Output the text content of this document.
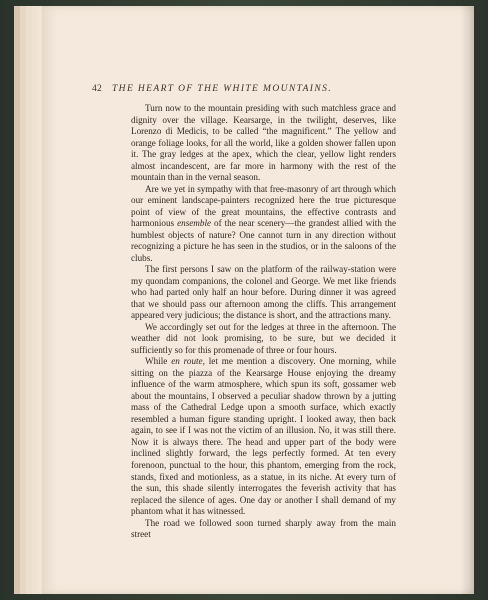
42 THE HEART OF THE WHITE MOUNTAINS.

Turn now to the mountain presiding with such matchless grace and dignity over the village. Kearsarge, in the twilight, deserves, like Lorenzo di Medicis, to be called “the magnificent.” The yellow and orange foliage looks, for all the world, like a golden shower fallen upon it. The gray ledges at the apex, which the clear, yellow light renders almost incandescent, are far more in harmony with the rest of the mountain than in the vernal season.

Are we yet in sympathy with that free-masonry of art through which our eminent landscape-painters recognized here the true picturesque point of view of the great mountains, the effective contrasts and harmonious ensemble of the near scenery—the grandest allied with the humblest objects of nature? One cannot turn in any direction without recognizing a picture he has seen in the studios, or in the saloons of the clubs.

The first persons I saw on the platform of the railway-station were my quondam companions, the colonel and George. We met like friends who had parted only half an hour before. During dinner it was agreed that we should pass our afternoon among the cliffs. This arrangement appeared very judicious; the distance is short, and the attractions many.

We accordingly set out for the ledges at three in the afternoon. The weather did not look promising, to be sure, but we decided it sufficiently so for this promenade of three or four hours.

While en route, let me mention a discovery. One morning, while sitting on the piazza of the Kearsarge House enjoying the dreamy influence of the warm atmosphere, which spun its soft, gossamer web about the mountains, I observed a peculiar shadow thrown by a jutting mass of the Cathedral Ledge upon a smooth surface, which exactly resembled a human figure standing upright. I looked away, then back again, to see if I was not the victim of an illusion. No, it was still there. Now it is always there. The head and upper part of the body were inclined slightly forward, the legs perfectly formed. At ten every forenoon, punctual to the hour, this phantom, emerging from the rock, stands, fixed and motionless, as a statue, in its niche. At every turn of the sun, this shade silently interrogates the feverish activity that has replaced the silence of ages. One day or another I shall demand of my phantom what it has witnessed.

The road we followed soon turned sharply away from the main street
